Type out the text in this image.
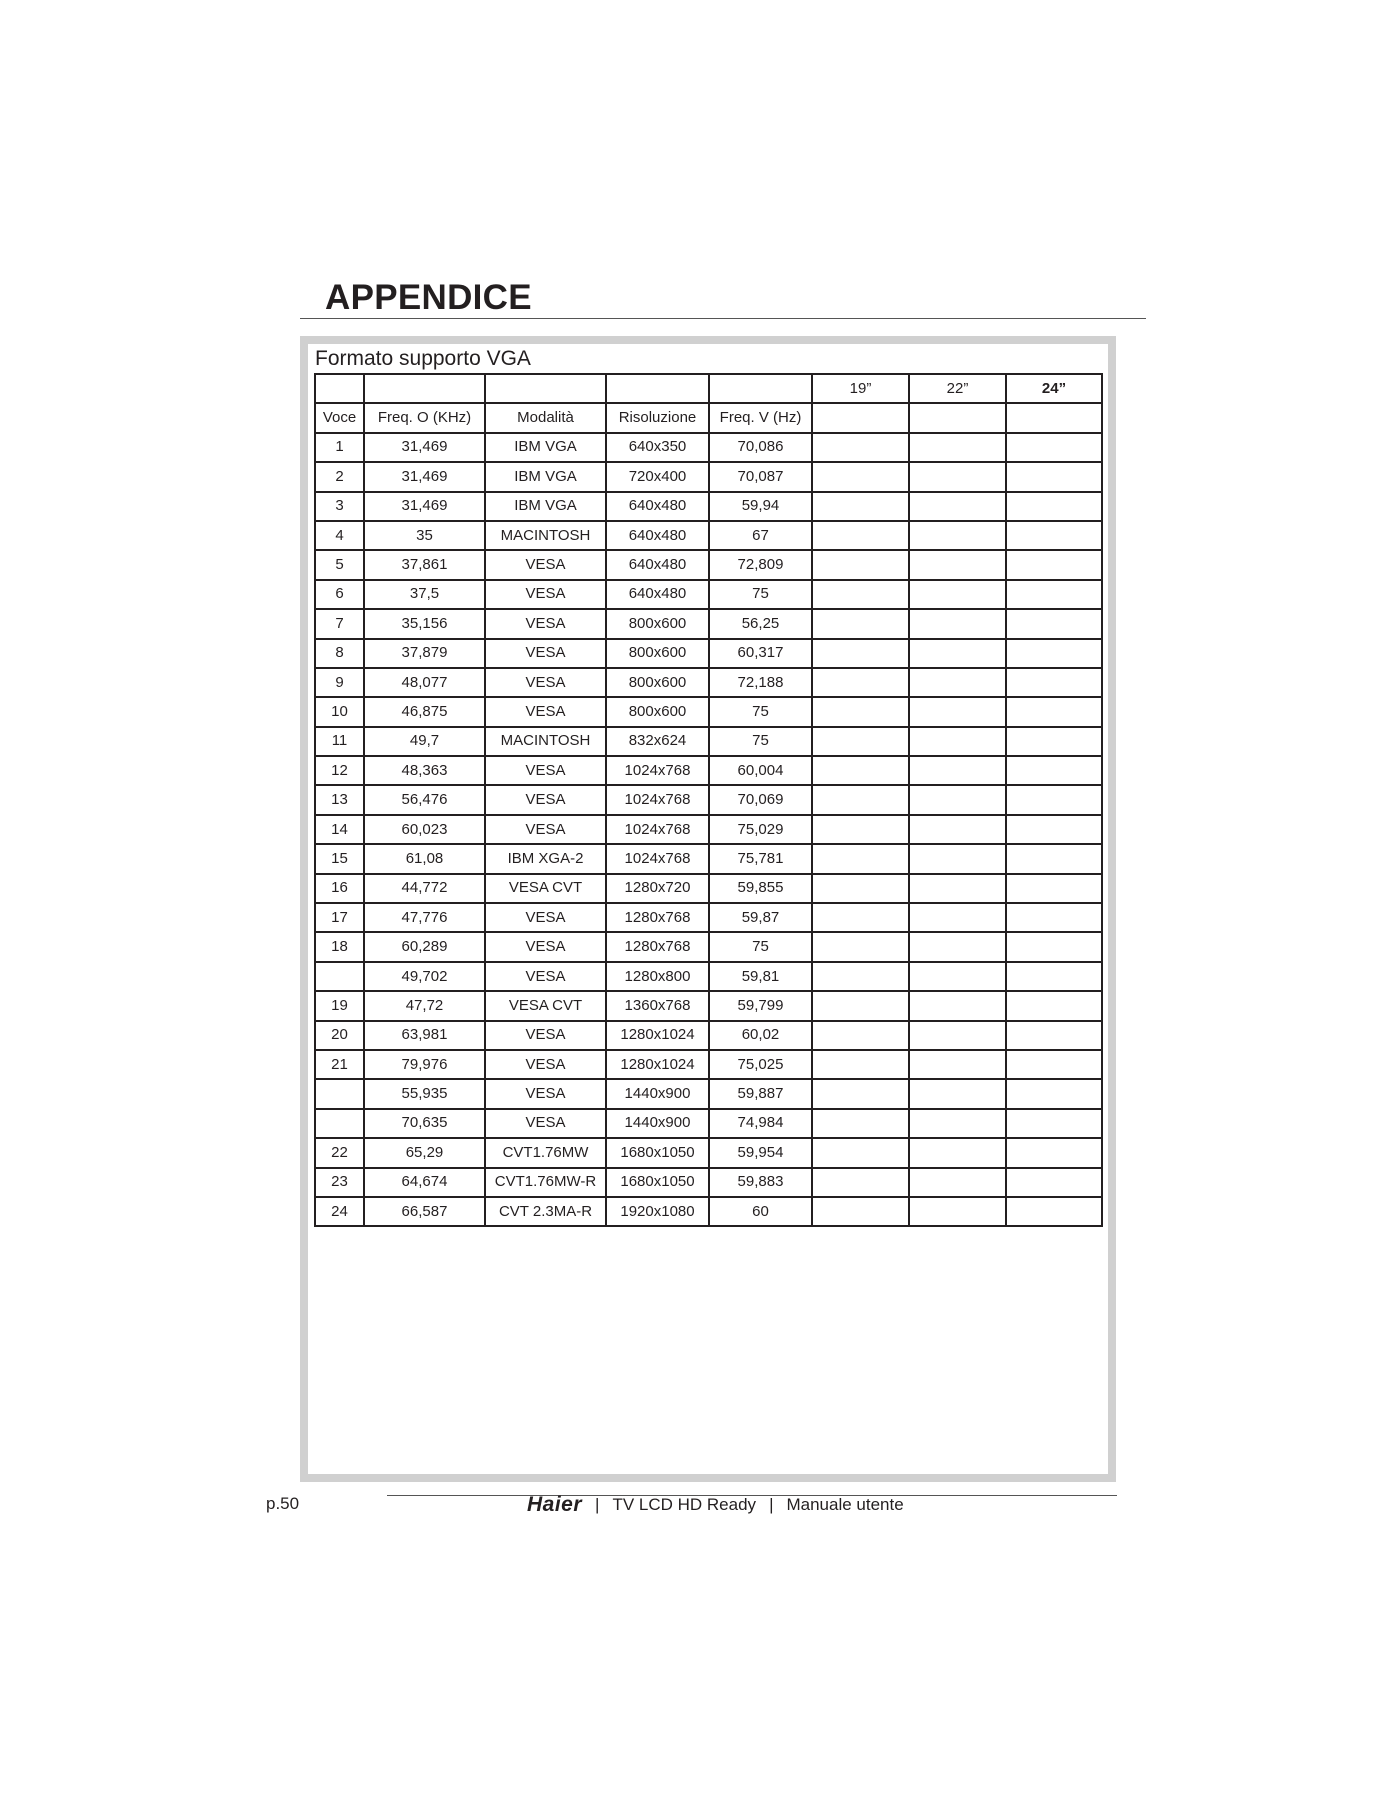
APPENDICE
Formato supporto VGA
					19”	22”	24”
Voce	Freq. O (KHz)	Modalità	Risoluzione	Freq. V (Hz)			
1	31,469	IBM VGA	640x350	70,086			
2	31,469	IBM VGA	720x400	70,087			
3	31,469	IBM VGA	640x480	59,94			
4	35	MACINTOSH	640x480	67			
5	37,861	VESA	640x480	72,809			
6	37,5	VESA	640x480	75			
7	35,156	VESA	800x600	56,25			
8	37,879	VESA	800x600	60,317			
9	48,077	VESA	800x600	72,188			
10	46,875	VESA	800x600	75			
11	49,7	MACINTOSH	832x624	75			
12	48,363	VESA	1024x768	60,004			
13	56,476	VESA	1024x768	70,069			
14	60,023	VESA	1024x768	75,029			
15	61,08	IBM XGA-2	1024x768	75,781			
16	44,772	VESA CVT	1280x720	59,855			
17	47,776	VESA	1280x768	59,87			
18	60,289	VESA	1280x768	75			
	49,702	VESA	1280x800	59,81			
19	47,72	VESA CVT	1360x768	59,799			
20	63,981	VESA	1280x1024	60,02			
21	79,976	VESA	1280x1024	75,025			
	55,935	VESA	1440x900	59,887			
	70,635	VESA	1440x900	74,984			
22	65,29	CVT1.76MW	1680x1050	59,954			
23	64,674	CVT1.76MW-R	1680x1050	59,883			
24	66,587	CVT 2.3MA-R	1920x1080	60			
p.50	Haier | TV LCD HD Ready | Manuale utente
